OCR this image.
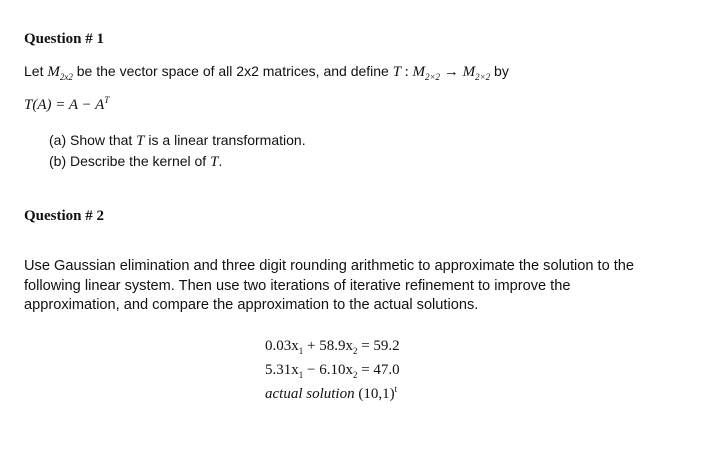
Question # 1
Let $M_{2x2}$ be the vector space of all 2x2 matrices, and define T : $M_{2\times 2} \to M_{2\times 2}$ by
$T(A) = A - A^T$
(a) Show that T is a linear transformation.
(b) Describe the kernel of T.
Question # 2
Use Gaussian elimination and three digit rounding arithmetic to approximate the solution to the following linear system. Then use two iterations of iterative refinement to improve the approximation, and compare the approximation to the actual solutions.
$0.03x_1 + 58.9x_2 = 59.2$
$5.31x_1 - 6.10x_2 = 47.0$
actual solution $(10,1)^t$
